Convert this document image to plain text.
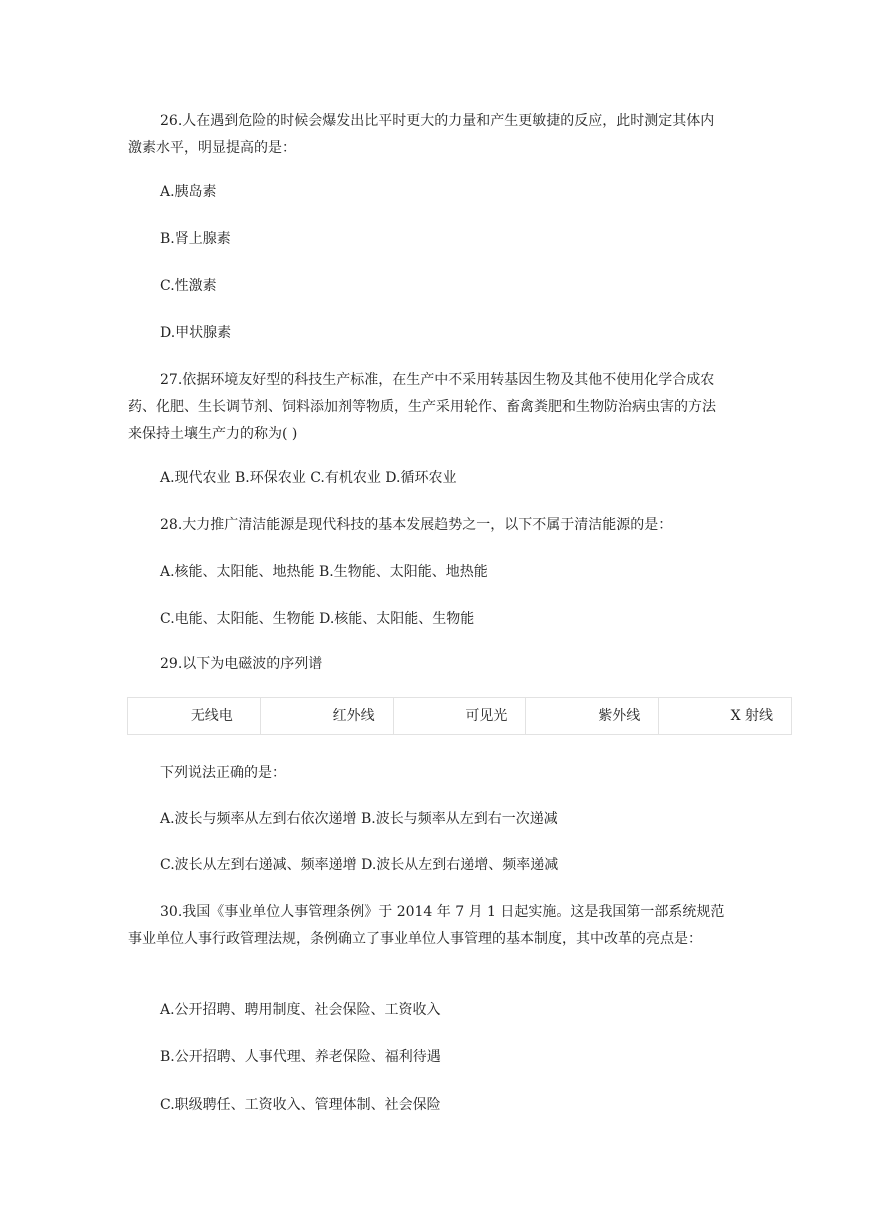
26.人在遇到危险的时候会爆发出比平时更大的力量和产生更敏捷的反应，此时测定其体内激素水平，明显提高的是：
A.胰岛素
B.肾上腺素
C.性激素
D.甲状腺素
27.依据环境友好型的科技生产标准，在生产中不采用转基因生物及其他不使用化学合成农药、化肥、生长调节剂、饲料添加剂等物质，生产采用轮作、畜禽粪肥和生物防治病虫害的方法来保持土壤生产力的称为( )
A.现代农业 B.环保农业 C.有机农业 D.循环农业
28.大力推广清洁能源是现代科技的基本发展趋势之一，以下不属于清洁能源的是：
A.核能、太阳能、地热能 B.生物能、太阳能、地热能
C.电能、太阳能、生物能 D.核能、太阳能、生物能
29.以下为电磁波的序列谱
无线电	红外线	可见光	紫外线	X 射线
下列说法正确的是：
A.波长与频率从左到右依次递增 B.波长与频率从左到右一次递减
C.波长从左到右递减、频率递增 D.波长从左到右递增、频率递减
30.我国《事业单位人事管理条例》于 2014 年 7 月 1 日起实施。这是我国第一部系统规范事业单位人事行政管理法规，条例确立了事业单位人事管理的基本制度，其中改革的亮点是：
A.公开招聘、聘用制度、社会保险、工资收入
B.公开招聘、人事代理、养老保险、福利待遇
C.职级聘任、工资收入、管理体制、社会保险
